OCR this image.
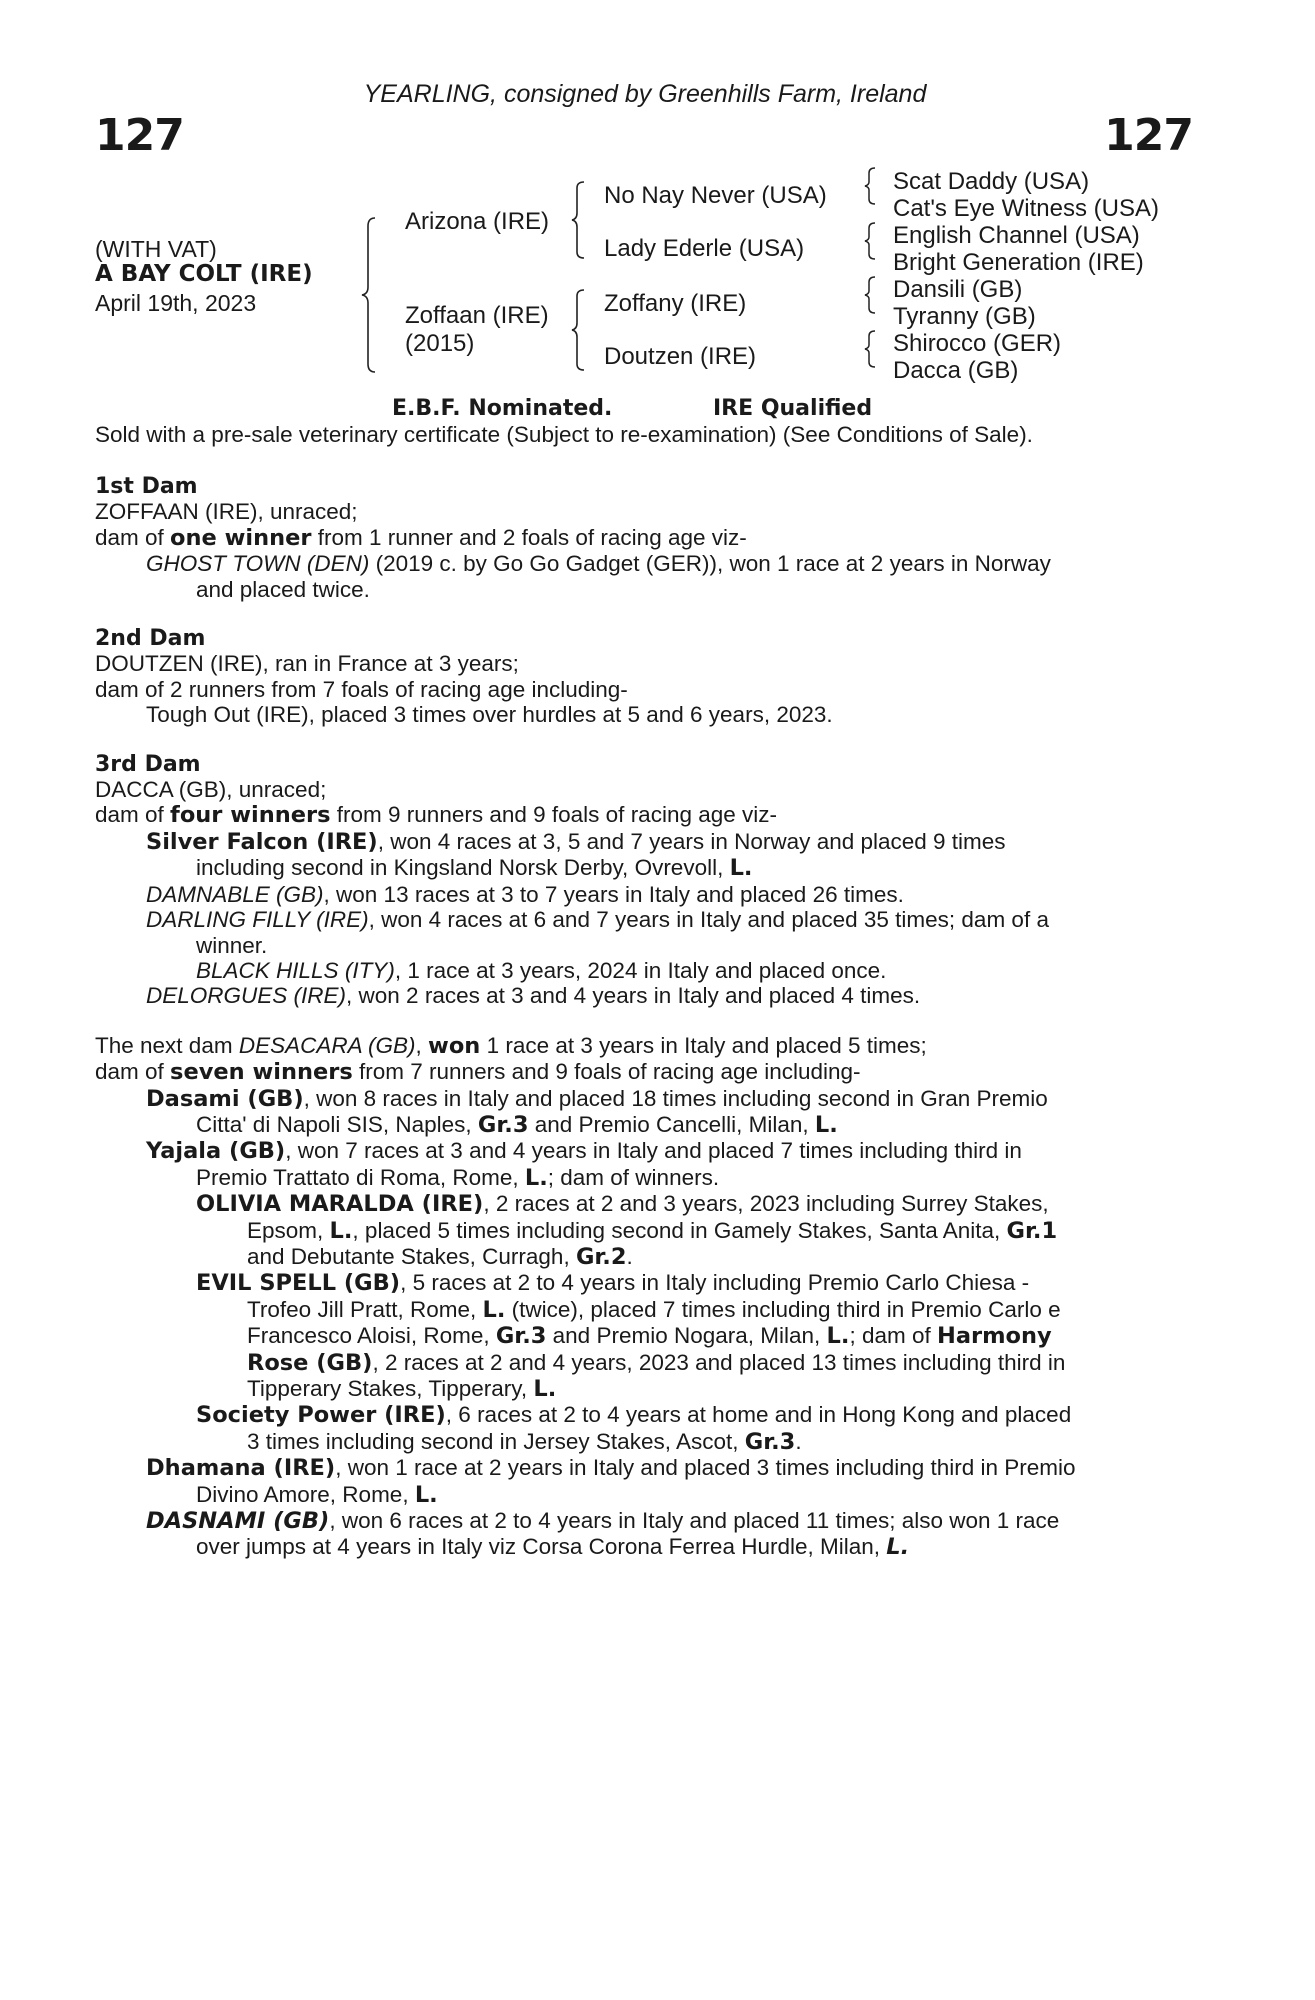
127	127
YEARLING, consigned by Greenhills Farm, Ireland
(WITH VAT)
A BAY COLT (IRE)
April 19th, 2023
Arizona (IRE)
Zoffaan (IRE)
(2015)
No Nay Never (USA)
Lady Ederle (USA)
Zoffany (IRE)
Doutzen (IRE)
Scat Daddy (USA)
Cat's Eye Witness (USA)
English Channel (USA)
Bright Generation (IRE)
Dansili (GB)
Tyranny (GB)
Shirocco (GER)
Dacca (GB)
E.B.F. Nominated.	IRE Qualified
Sold with a pre-sale veterinary certificate (Subject to re-examination) (See Conditions of Sale).

1st Dam

ZOFFAAN (IRE), unraced;

dam of one winner from 1 runner and 2 foals of racing age viz-

GHOST TOWN (DEN) (2019 c. by Go Go Gadget (GER)), won 1 race at 2 years in Norway

and placed twice.

2nd Dam

DOUTZEN (IRE), ran in France at 3 years;

dam of 2 runners from 7 foals of racing age including-

Tough Out (IRE), placed 3 times over hurdles at 5 and 6 years, 2023.

3rd Dam

DACCA (GB), unraced;

dam of four winners from 9 runners and 9 foals of racing age viz-

Silver Falcon (IRE), won 4 races at 3, 5 and 7 years in Norway and placed 9 times

including second in Kingsland Norsk Derby, Ovrevoll, L.

DAMNABLE (GB), won 13 races at 3 to 7 years in Italy and placed 26 times.

DARLING FILLY (IRE), won 4 races at 6 and 7 years in Italy and placed 35 times; dam of a

winner.

BLACK HILLS (ITY), 1 race at 3 years, 2024 in Italy and placed once.

DELORGUES (IRE), won 2 races at 3 and 4 years in Italy and placed 4 times.

The next dam DESACARA (GB), won 1 race at 3 years in Italy and placed 5 times;

dam of seven winners from 7 runners and 9 foals of racing age including-

Dasami (GB), won 8 races in Italy and placed 18 times including second in Gran Premio

Citta' di Napoli SIS, Naples, Gr.3 and Premio Cancelli, Milan, L.

Yajala (GB), won 7 races at 3 and 4 years in Italy and placed 7 times including third in

Premio Trattato di Roma, Rome, L.; dam of winners.

OLIVIA MARALDA (IRE), 2 races at 2 and 3 years, 2023 including Surrey Stakes,

Epsom, L., placed 5 times including second in Gamely Stakes, Santa Anita, Gr.1

and Debutante Stakes, Curragh, Gr.2.

EVIL SPELL (GB), 5 races at 2 to 4 years in Italy including Premio Carlo Chiesa -

Trofeo Jill Pratt, Rome, L. (twice), placed 7 times including third in Premio Carlo e

Francesco Aloisi, Rome, Gr.3 and Premio Nogara, Milan, L.; dam of Harmony

Rose (GB), 2 races at 2 and 4 years, 2023 and placed 13 times including third in

Tipperary Stakes, Tipperary, L.

Society Power (IRE), 6 races at 2 to 4 years at home and in Hong Kong and placed

3 times including second in Jersey Stakes, Ascot, Gr.3.

Dhamana (IRE), won 1 race at 2 years in Italy and placed 3 times including third in Premio

Divino Amore, Rome, L.

DASNAMI (GB), won 6 races at 2 to 4 years in Italy and placed 11 times; also won 1 race

over jumps at 4 years in Italy viz Corsa Corona Ferrea Hurdle, Milan, L.
